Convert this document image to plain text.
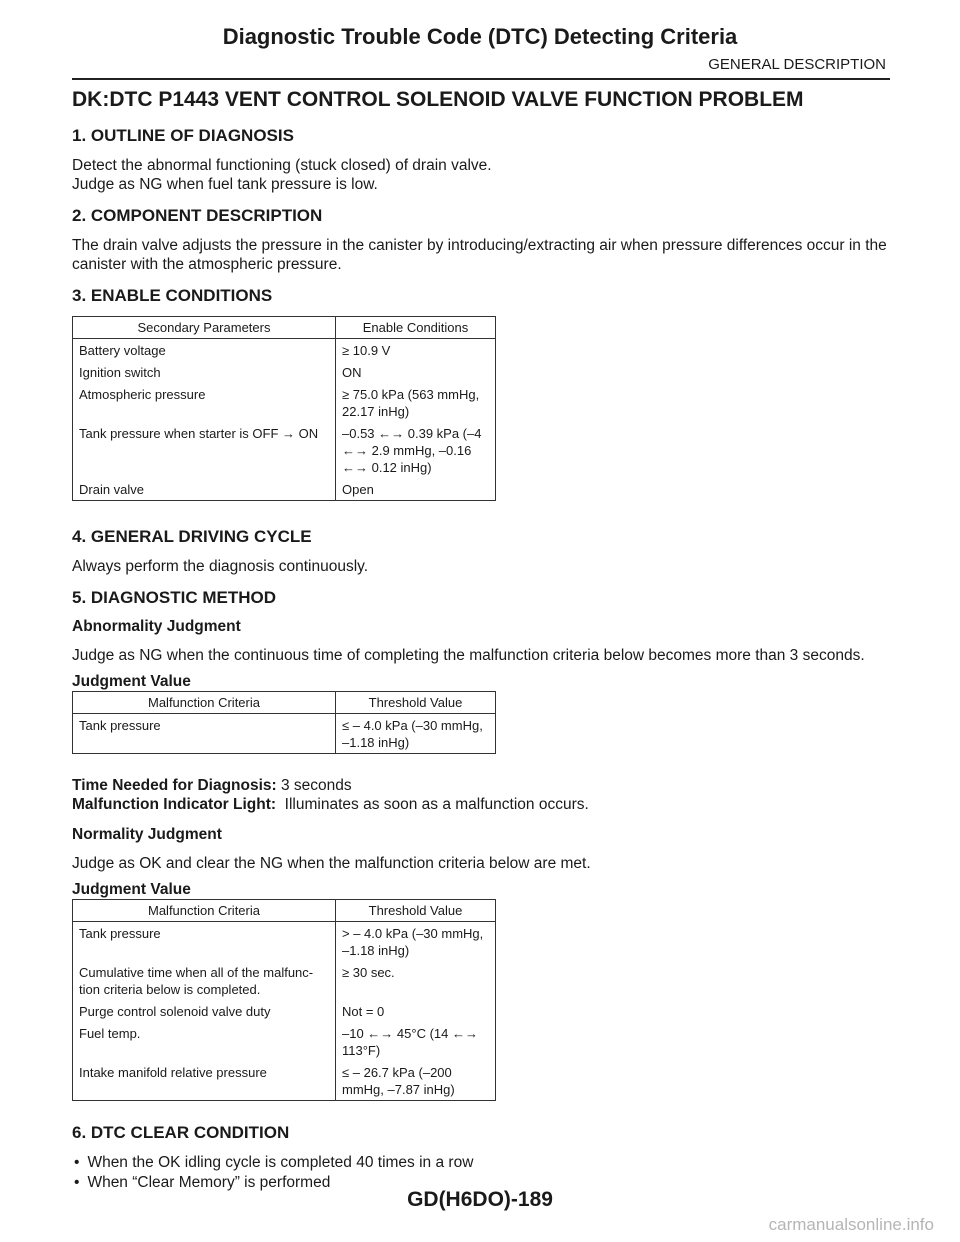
Diagnostic Trouble Code (DTC) Detecting Criteria
GENERAL DESCRIPTION
DK:DTC P1443 VENT CONTROL SOLENOID VALVE FUNCTION PROBLEM
1. OUTLINE OF DIAGNOSIS
Detect the abnormal functioning (stuck closed) of drain valve.
Judge as NG when fuel tank pressure is low.
2. COMPONENT DESCRIPTION
The drain valve adjusts the pressure in the canister by introducing/extracting air when pressure differences occur in the canister with the atmospheric pressure.
3. ENABLE CONDITIONS
Secondary Parameters	Enable Conditions
Battery voltage	≥ 10.9 V
Ignition switch	ON
Atmospheric pressure	≥ 75.0 kPa (563 mmHg, 22.17 inHg)
Tank pressure when starter is OFF → ON	–0.53 ←→ 0.39 kPa (–4 ←→ 2.9 mmHg, –0.16 ←→ 0.12 inHg)
Drain valve	Open
4. GENERAL DRIVING CYCLE
Always perform the diagnosis continuously.
5. DIAGNOSTIC METHOD
Abnormality Judgment
Judge as NG when the continuous time of completing the malfunction criteria below becomes more than 3 seconds.
Judgment Value
Malfunction Criteria	Threshold Value
Tank pressure	≤ – 4.0 kPa (–30 mmHg, –1.18 inHg)
Time Needed for Diagnosis: 3 seconds
Malfunction Indicator Light:  Illuminates as soon as a malfunction occurs.
Normality Judgment
Judge as OK and clear the NG when the malfunction criteria below are met.
Judgment Value
Malfunction Criteria	Threshold Value
Tank pressure	> – 4.0 kPa (–30 mmHg, –1.18 inHg)
Cumulative time when all of the malfunc-tion criteria below is completed.	≥ 30 sec.
Purge control solenoid valve duty	Not = 0
Fuel temp.	–10 ←→ 45°C (14 ←→ 113°F)
Intake manifold relative pressure	≤ – 26.7 kPa (–200 mmHg, –7.87 inHg)
6. DTC CLEAR CONDITION
• When the OK idling cycle is completed 40 times in a row
• When “Clear Memory” is performed
GD(H6DO)-189
carmanualsonline.info
